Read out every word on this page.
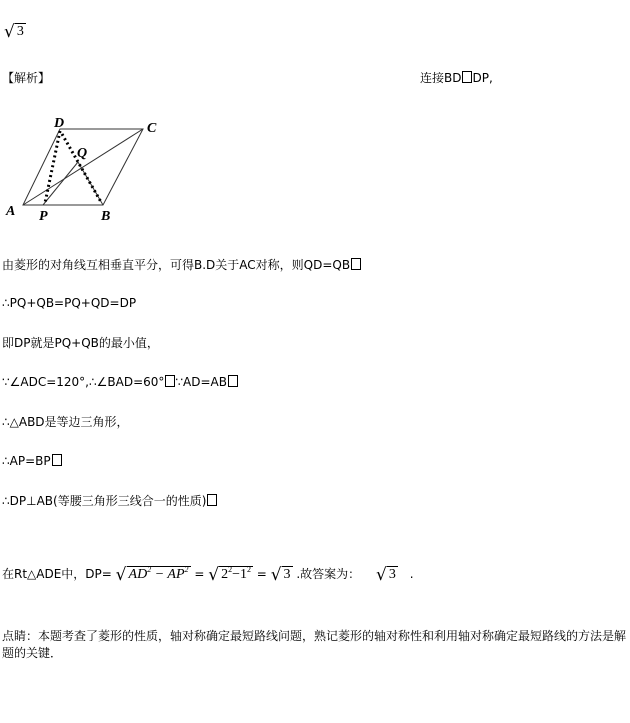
√ 3
【解析】	连接BD DP,
A P	B
C
D
Q
由菱形的对角线互相垂直平分，可得B.D关于AC对称，则QD=QB
∴PQ+QB=PQ+QD=DP
即DP就是PQ+QB的最小值，
∵∠ADC=120°,∴∠BAD=60° ∵AD=AB
∴△ABD是等边三角形，
∴AP=BP
∴DP⊥AB(等腰三角形三线合一的性质)
在Rt△ADE中，DP= √ $AD^2 - AP^2$ = √ $2^2-1^2$ = √ 3 .故答案为： √ 3 .
点睛：本题考查了菱形的性质，轴对称确定最短路线问题，熟记菱形的轴对称性和利用轴对称确定最短路线的方法是解题的关键．
